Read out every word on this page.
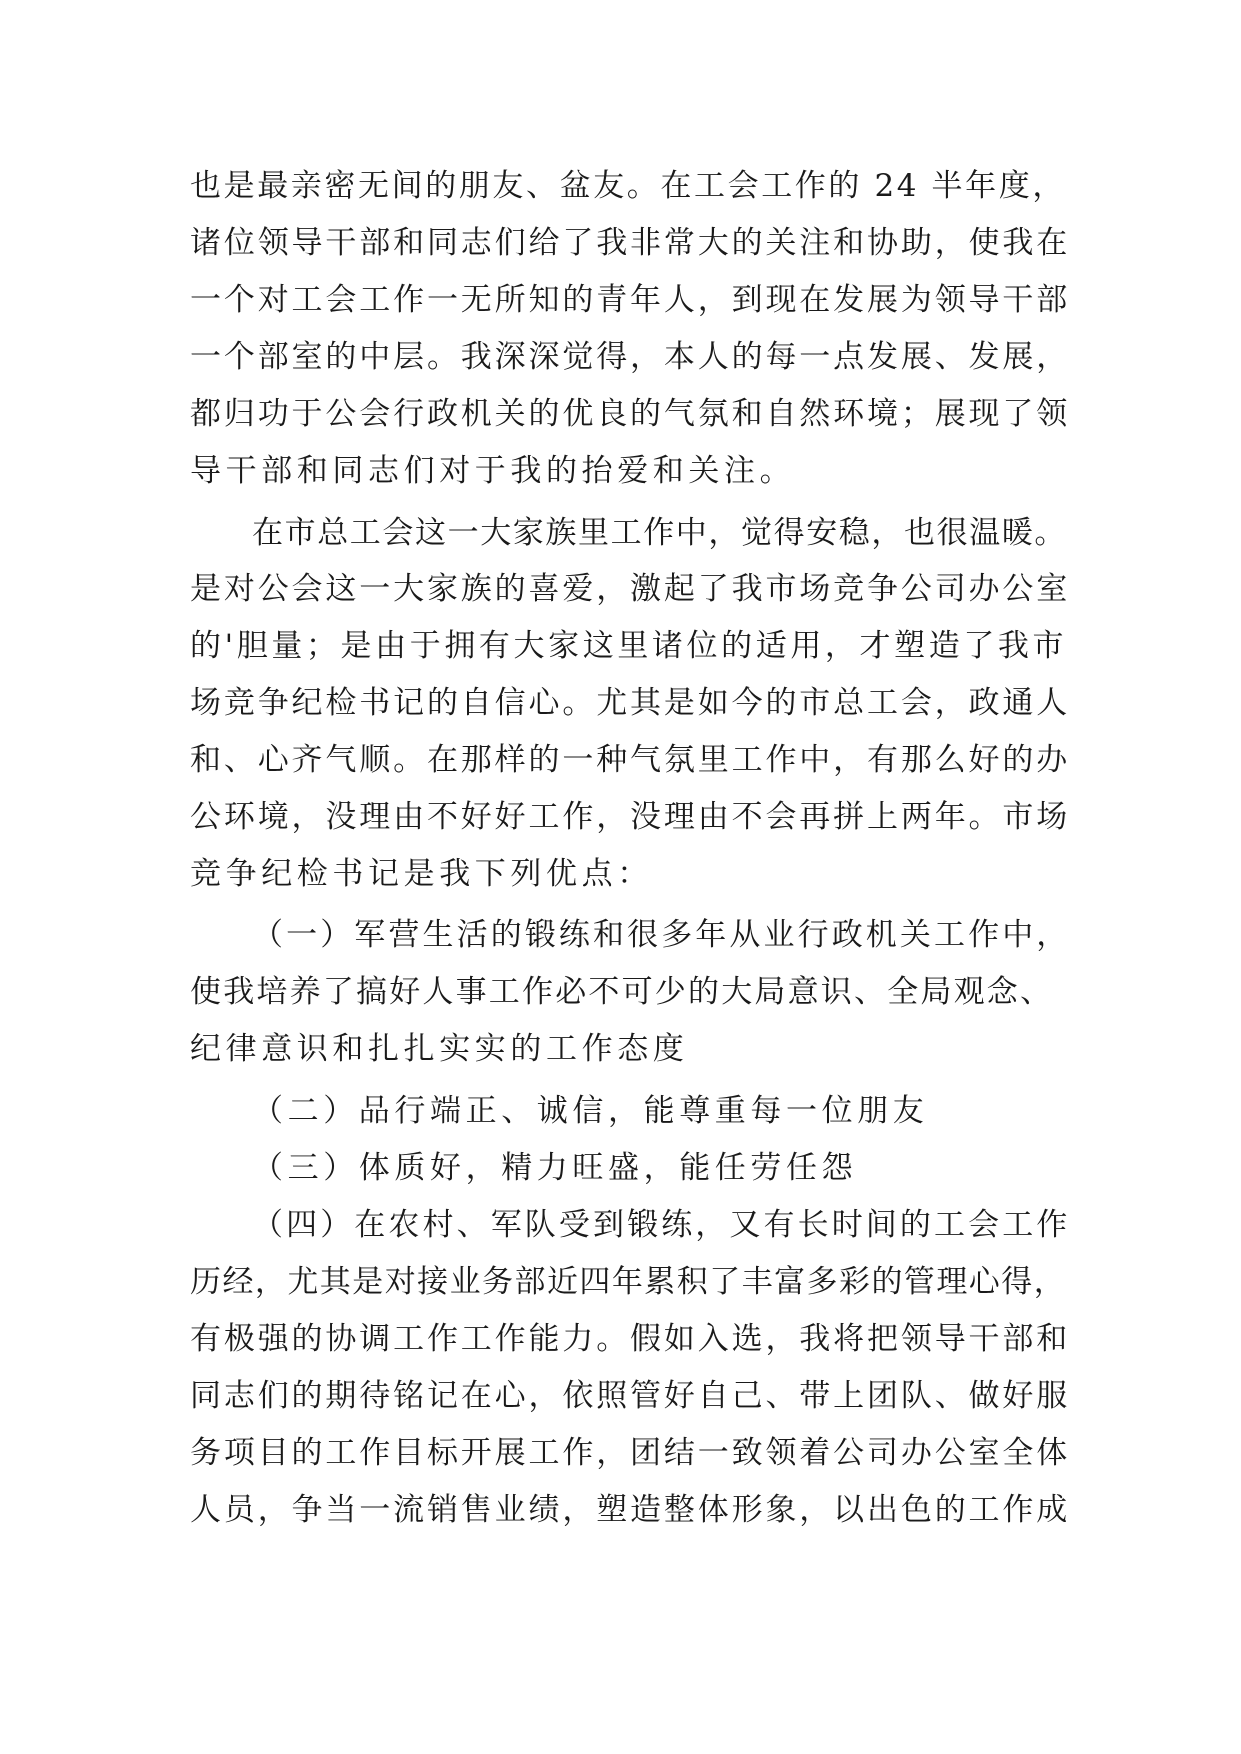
也是最亲密无间的朋友、盆友。在工会工作的 24 半年度，
诸位领导干部和同志们给了我非常大的关注和协助，使我在
一个对工会工作一无所知的青年人，到现在发展为领导干部
一个部室的中层。我深深觉得，本人的每一点发展、发展，
都归功于公会行政机关的优良的气氛和自然环境；展现了领
导干部和同志们对于我的抬爱和关注。
在市总工会这一大家族里工作中，觉得安稳，也很温暖。
是对公会这一大家族的喜爱，激起了我市场竞争公司办公室
的'胆量；是由于拥有大家这里诸位的适用，才塑造了我市
场竞争纪检书记的自信心。尤其是如今的市总工会，政通人
和、心齐气顺。在那样的一种气氛里工作中，有那么好的办
公环境，没理由不好好工作，没理由不会再拼上两年。市场
竞争纪检书记是我下列优点：
（一）军营生活的锻练和很多年从业行政机关工作中，
使我培养了搞好人事工作必不可少的大局意识、全局观念、
纪律意识和扎扎实实的工作态度
（二）品行端正、诚信，能尊重每一位朋友
（三）体质好，精力旺盛，能任劳任怨
（四）在农村、军队受到锻练，又有长时间的工会工作
历经，尤其是对接业务部近四年累积了丰富多彩的管理心得，
有极强的协调工作工作能力。假如入选，我将把领导干部和
同志们的期待铭记在心，依照管好自己、带上团队、做好服
务项目的工作目标开展工作，团结一致领着公司办公室全体
人员，争当一流销售业绩，塑造整体形象，以出色的工作成
